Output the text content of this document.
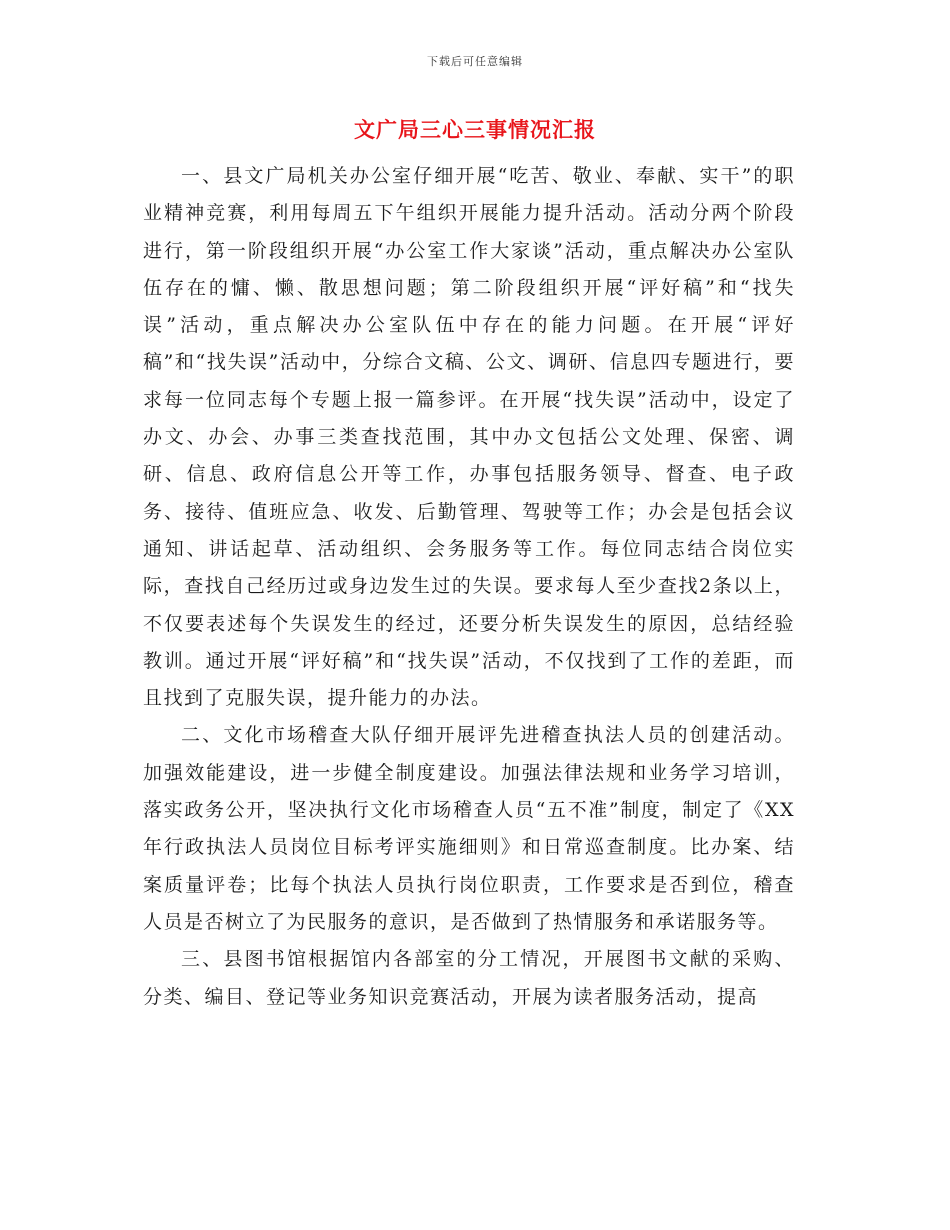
下载后可任意编辑
文广局三心三事情况汇报

一、县文广局机关办公室仔细开展“吃苦、敬业、奉献、实干”的职业精神竞赛，利用每周五下午组织开展能力提升活动。活动分两个阶段进行，第一阶段组织开展“办公室工作大家谈”活动，重点解决办公室队伍存在的慵、懒、散思想问题；第二阶段组织开展“评好稿”和“找失误”活动，重点解决办公室队伍中存在的能力问题。在开展“评好稿”和“找失误”活动中，分综合文稿、公文、调研、信息四专题进行，要求每一位同志每个专题上报一篇参评。在开展“找失误”活动中，设定了办文、办会、办事三类查找范围，其中办文包括公文处理、保密、调研、信息、政府信息公开等工作，办事包括服务领导、督查、电子政务、接待、值班应急、收发、后勤管理、驾驶等工作；办会是包括会议通知、讲话起草、活动组织、会务服务等工作。每位同志结合岗位实际，查找自己经历过或身边发生过的失误。要求每人至少查找2条以上，不仅要表述每个失误发生的经过，还要分析失误发生的原因，总结经验教训。通过开展“评好稿”和“找失误”活动，不仅找到了工作的差距，而且找到了克服失误，提升能力的办法。

二、文化市场稽查大队仔细开展评先进稽查执法人员的创建活动。加强效能建设，进一步健全制度建设。加强法律法规和业务学习培训，落实政务公开，坚决执行文化市场稽查人员“五不准”制度，制定了《XX年行政执法人员岗位目标考评实施细则》和日常巡查制度。比办案、结案质量评卷；比每个执法人员执行岗位职责，工作要求是否到位，稽查人员是否树立了为民服务的意识，是否做到了热情服务和承诺服务等。

三、县图书馆根据馆内各部室的分工情况，开展图书文献的采购、分类、编目、登记等业务知识竞赛活动，开展为读者服务活动，提高
